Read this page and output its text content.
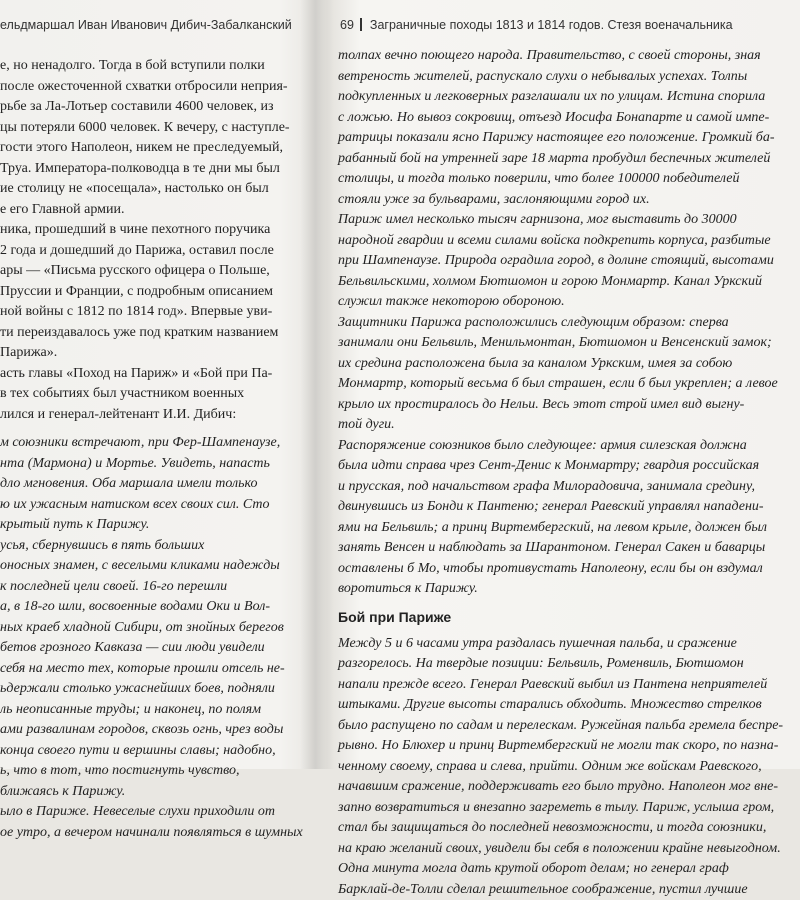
ельдмаршал Иван Иванович Дибич-Забалканский
е, но ненадолго. Тогда в бой вступили полки
после ожесточенной схватки отбросили неприя-
рьбе за Ла-Лотьер составили 4600 человек, из
цы потеряли 6000 человек. К вечеру, с наступле-
гости этого Наполеон, никем не преследуемый,
Труа. Императора-полководца в те дни мы был
ие столицу не «посещала», настолько он был
е его Главной армии.
ника, прошедший в чине пехотного поручика
2 года и дошедший до Парижа, оставил после
ары — «Письма русского офицера о Польше,
Пруссии и Франции, с подробным описанием
ной войны с 1812 по 1814 год». Впервые уви-
ти переиздавалось уже под кратким названием
Парижа».
асть главы «Поход на Париж» и «Бой при Па-
в тех событиях был участником военных
лился и генерал-лейтенант И.И. Дибич:
м союзники встречают, при Фер-Шампенаузе,
нта (Мармона) и Мортье. Увидеть, напасть
дло мгновения. Оба маршала имели только
ю их ужасным натиском всех своих сил. Сто
крытый путь к Парижу.
усья, сбернувшись в пять больших
оносных знамен, с веселыми кликами надежды
к последней цели своей. 16-го перешли
а, в 18-го шли, восвоенные водами Оки и Вол-
ных краеб хладной Сибири, от знойных берегов
бетов грозного Кавказа — сии люди увидели
себя на место тех, которые прошли отсель не-
ьдержали столько ужаснейших боев, подняли
ль неописанные труды; и наконец, по полям
ами развалинам городов, сквозь огнь, чрез воды
конца своего пути и вершины славы; надобно,
ь, что в тот, что постигнуть чувство,
ближаясь к Парижу.
ыло в Париже. Невеселые слухи приходили от
ое утро, а вечером начинали появляться в шумных
69 Заграничные походы 1813 и 1814 годов. Стезя военачальника
толпах вечно поющего народа. Правительство, с своей стороны, зная
ветреность жителей, распускало слухи о небывалых успехах. Толпы
подкупленных и легковерных разглашали их по улицам. Истина спорила
с ложью. Но вывоз сокровищ, отъезд Иосифа Бонапарте и самой импе-
ратрицы показали ясно Парижу настоящее его положение. Громкий ба-
рабанный бой на утренней заре 18 марта пробудил беспечных жителей
столицы, и тогда только поверили, что более 100000 победителей
стояли уже за бульварами, заслоняющими город их.
Париж имел несколько тысяч гарнизона, мог выставить до 30000
народной гвардии и всеми силами войска подкрепить корпуса, разбитые
при Шампенаузе. Природа оградила город, в долине стоящий, высотами
Бельвильскими, холмом Бютшомон и горою Монмартр. Канал Уркский
служил также некоторою обороною.
Защитники Парижа расположились следующим образом: сперва
занимали они Бельвиль, Менильмонтан, Бютшомон и Венсенский замок;
их средина расположена была за каналом Уркским, имея за собою
Монмартр, который весьма б был страшен, если б был укреплен; а левое
крыло их простиралось до Нельи. Весь этот строй имел вид выгну-
той дуги.
Распоряжение союзников было следующее: армия силезская должна
была идти справа чрез Сент-Денис к Монмартру; гвардия российская
и прусская, под начальством графа Милорадовича, занимала средину,
двинувшись из Бонди к Пантеню; генерал Раевский управлял нападени-
ями на Бельвиль; а принц Виртембергский, на левом крыле, должен был
занять Венсен и наблюдать за Шарантоном. Генерал Сакен и баварцы
оставлены б Мо, чтобы противустать Наполеону, если бы он вздумал
воротиться к Парижу.
Бой при Париже
Между 5 и 6 часами утра раздалась пушечная пальба, и сражение
разгорелось. На твердые позиции: Бельвиль, Роменвиль, Бютшомон
напали прежде всего. Генерал Раевский выбил из Пантена неприятелей
штыками. Другие высоты старались обходить. Множество стрелков
было распущено по садам и перелескам. Ружейная пальба гремела беспре-
рывно. Но Блюхер и принц Виртембергский не могли так скоро, по назна-
ченному своему, справа и слева, прийти. Одним же войскам Раевского,
начавшим сражение, поддерживать его было трудно. Наполеон мог вне-
запно возвратиться и внезапно загреметь в тылу. Париж, услыша гром,
стал бы защищаться до последней невозможности, и тогда союзники,
на краю желаний своих, увидели бы себя в положении крайне невыгодном.
Одна минута могла дать крутой оборот делам; но генерал граф
Барклай-де-Толли сделал решительное соображение, пустил лучшие
